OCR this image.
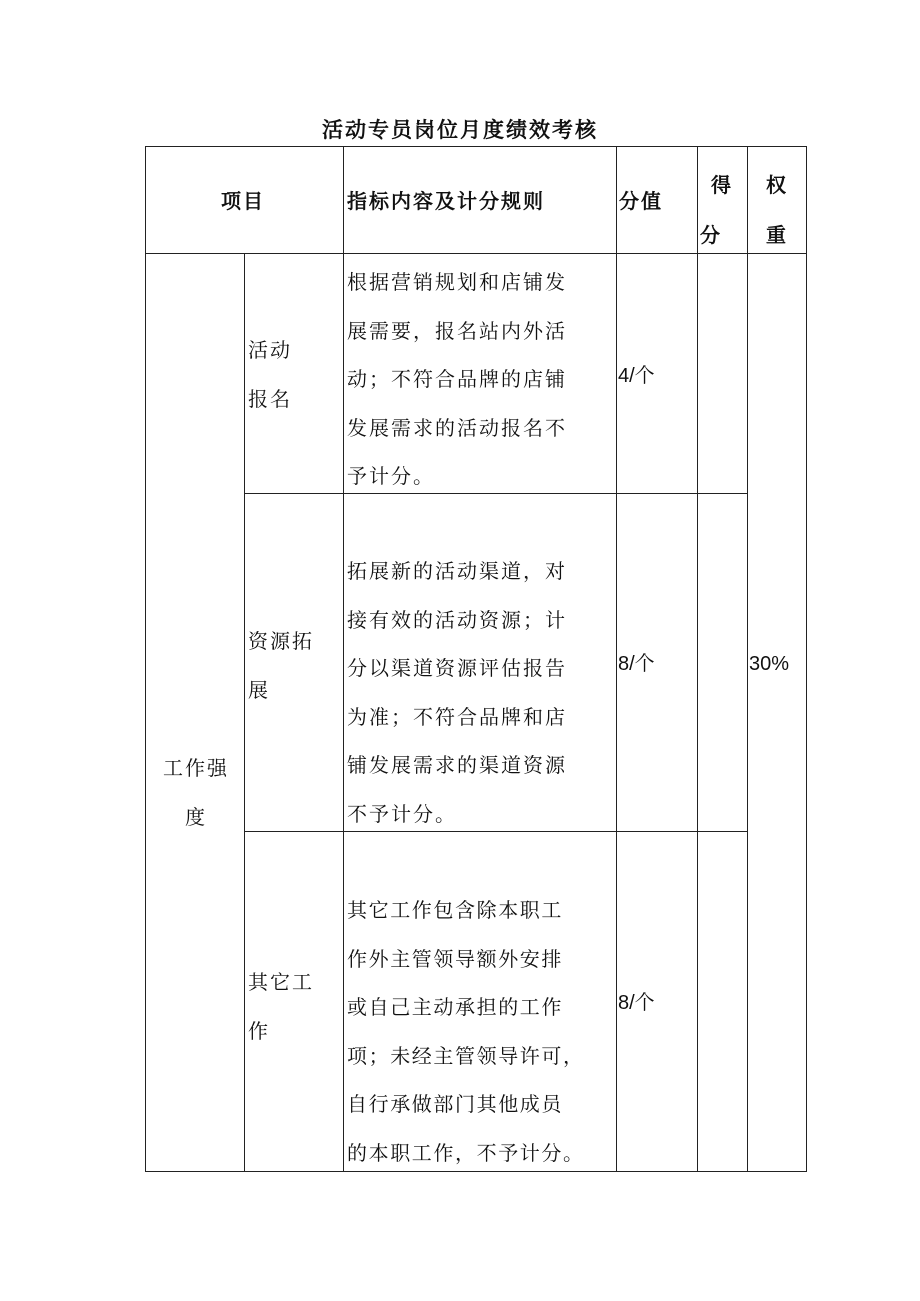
活动专员岗位月度绩效考核
项目	指标内容及计分规则	分值
得
分
权
重
工作强
度
活动
报名
根据营销规划和店铺发
展需要，报名站内外活
动；不符合品牌的店铺
发展需求的活动报名不
予计分。
4/个
30%
资源拓
展
拓展新的活动渠道，对
接有效的活动资源；计
分以渠道资源评估报告
为准；不符合品牌和店
铺发展需求的渠道资源
不予计分。
8/个
其它工
作
其它工作包含除本职工
作外主管领导额外安排
或自己主动承担的工作
项；未经主管领导许可，
自行承做部门其他成员
的本职工作，不予计分。
8/个
